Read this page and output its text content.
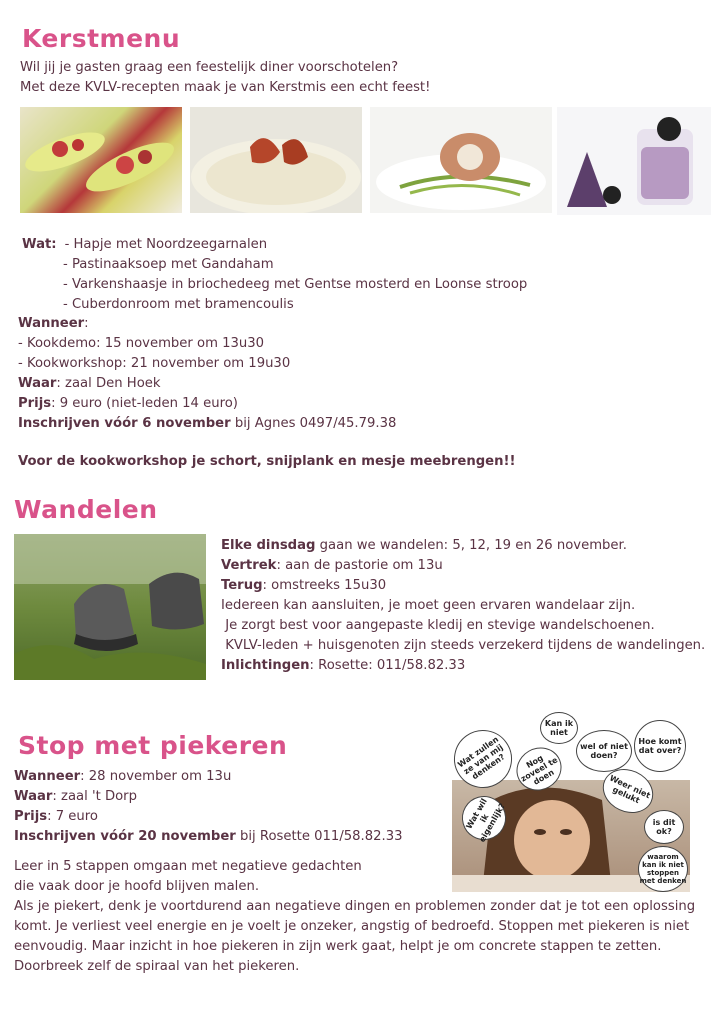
Kerstmenu
Wil jij je gasten graag een feestelijk diner voorschotelen?
Met deze KVLV-recepten maak je van Kerstmis een echt feest!
Wat: - Hapje met Noordzeegarnalen
- Pastinaaksoep met Gandaham
- Varkenshaasje in briochedeeg met Gentse mosterd en Loonse stroop
- Cuberdonroom met bramencoulis
Wanneer:
- Kookdemo: 15 november om 13u30
- Kookworkshop: 21 november om 19u30
Waar: zaal Den Hoek
Prijs: 9 euro (niet-leden 14 euro)
Inschrijven vóór 6 november bij Agnes 0497/45.79.38
Voor de kookworkshop je schort, snijplank en mesje meebrengen!!
Wandelen
Elke dinsdag gaan we wandelen: 5, 12, 19 en 26 november.
Vertrek: aan de pastorie om 13u
Terug: omstreeks 15u30
Iedereen kan aansluiten, je moet geen ervaren wandelaar zijn.
Je zorgt best voor aangepaste kledij en stevige wandelschoenen.
KVLV-leden + huisgenoten zijn steeds verzekerd tijdens de wandelingen.
Inlichtingen: Rosette: 011/58.82.33
Stop met piekeren
Wanneer: 28 november om 13u
Waar: zaal 't Dorp
Prijs: 7 euro
Inschrijven vóór 20 november bij Rosette 011/58.82.33
Wat zullen ze van mij denken?
Kan ik niet
Nog zoveel te doen
wel of niet doen?
Hoe komt dat over?
Weer niet gelukt
Wat wil ik eigenlijk?	is dit ok?
waarom kan ik niet stoppen met denken
Leer in 5 stappen omgaan met negatieve gedachten
die vaak door je hoofd blijven malen.
Als je piekert, denk je voortdurend aan negatieve dingen en problemen zonder dat je tot een oplossing
komt. Je verliest veel energie en je voelt je onzeker, angstig of bedroefd. Stoppen met piekeren is niet
eenvoudig. Maar inzicht in hoe piekeren in zijn werk gaat, helpt je om concrete stappen te zetten.
Doorbreek zelf de spiraal van het piekeren.
